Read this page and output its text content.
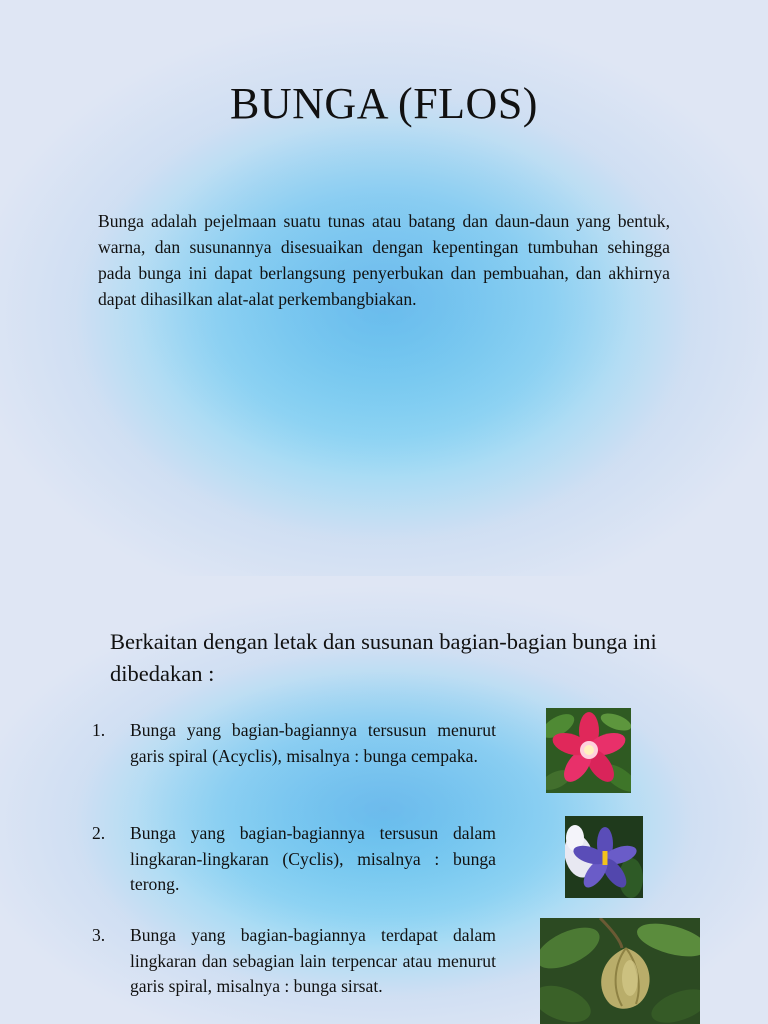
BUNGA (FLOS)
Bunga adalah pejelmaan suatu tunas atau batang dan daun-daun yang bentuk, warna, dan susunannya disesuaikan dengan kepentingan tumbuhan sehingga pada bunga ini dapat berlangsung penyerbukan dan pembuahan, dan akhirnya dapat dihasilkan alat-alat perkembangbiakan.
Berkaitan dengan letak dan susunan bagian-bagian bunga ini dibedakan :
1. Bunga yang bagian-bagiannya tersusun menurut garis spiral (Acyclis), misalnya : bunga cempaka.
2. Bunga yang bagian-bagiannya tersusun dalam lingkaran-lingkaran (Cyclis), misalnya : bunga terong.
3. Bunga yang bagian-bagiannya terdapat dalam lingkaran dan sebagian lain terpencar atau menurut garis spiral, misalnya : bunga sirsat.
